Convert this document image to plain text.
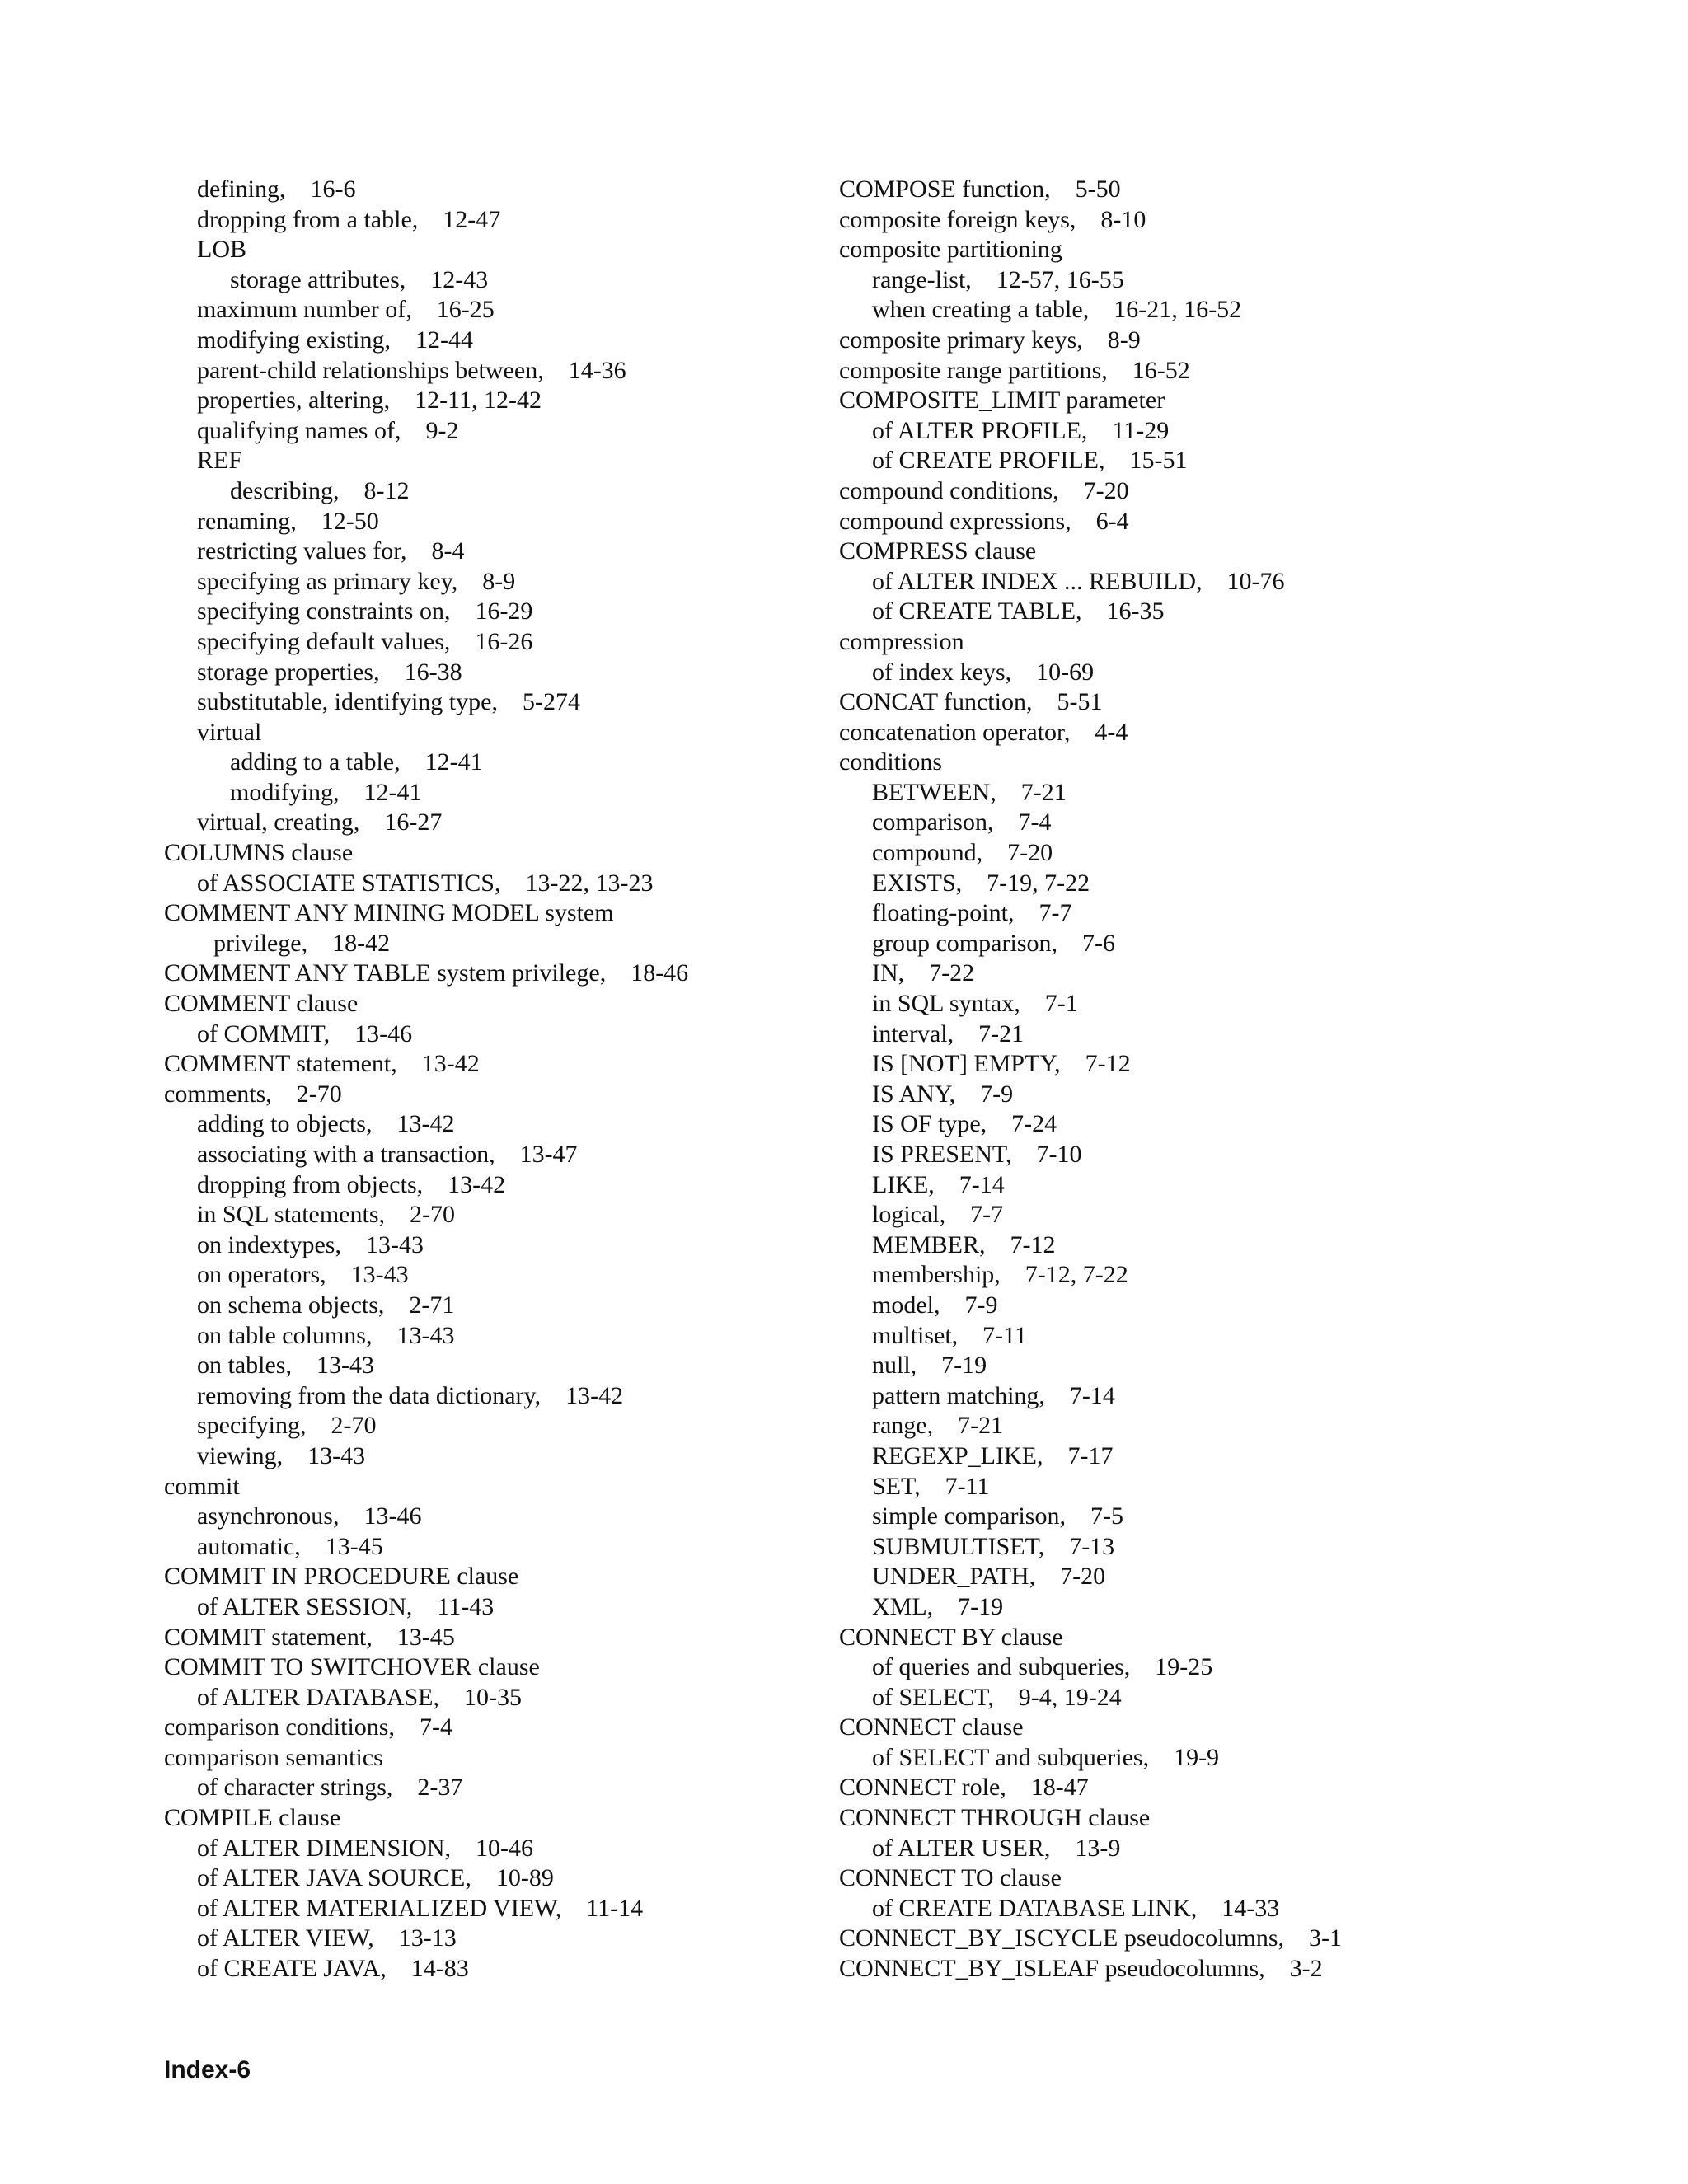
defining,    16-6
dropping from a table,    12-47
LOB
storage attributes,    12-43
maximum number of,    16-25
modifying existing,    12-44
parent-child relationships between,    14-36
properties, altering,    12-11, 12-42
qualifying names of,    9-2
REF
describing,    8-12
renaming,    12-50
restricting values for,    8-4
specifying as primary key,    8-9
specifying constraints on,    16-29
specifying default values,    16-26
storage properties,    16-38
substitutable, identifying type,    5-274
virtual
adding to a table,    12-41
modifying,    12-41
virtual, creating,    16-27
COLUMNS clause
of ASSOCIATE STATISTICS,    13-22, 13-23
COMMENT ANY MINING MODEL system
privilege,    18-42
COMMENT ANY TABLE system privilege,    18-46
COMMENT clause
of COMMIT,    13-46
COMMENT statement,    13-42
comments,    2-70
adding to objects,    13-42
associating with a transaction,    13-47
dropping from objects,    13-42
in SQL statements,    2-70
on indextypes,    13-43
on operators,    13-43
on schema objects,    2-71
on table columns,    13-43
on tables,    13-43
removing from the data dictionary,    13-42
specifying,    2-70
viewing,    13-43
commit
asynchronous,    13-46
automatic,    13-45
COMMIT IN PROCEDURE clause
of ALTER SESSION,    11-43
COMMIT statement,    13-45
COMMIT TO SWITCHOVER clause
of ALTER DATABASE,    10-35
comparison conditions,    7-4
comparison semantics
of character strings,    2-37
COMPILE clause
of ALTER DIMENSION,    10-46
of ALTER JAVA SOURCE,    10-89
of ALTER MATERIALIZED VIEW,    11-14
of ALTER VIEW,    13-13
of CREATE JAVA,    14-83
COMPOSE function,    5-50
composite foreign keys,    8-10
composite partitioning
range-list,    12-57, 16-55
when creating a table,    16-21, 16-52
composite primary keys,    8-9
composite range partitions,    16-52
COMPOSITE_LIMIT parameter
of ALTER PROFILE,    11-29
of CREATE PROFILE,    15-51
compound conditions,    7-20
compound expressions,    6-4
COMPRESS clause
of ALTER INDEX ... REBUILD,    10-76
of CREATE TABLE,    16-35
compression
of index keys,    10-69
CONCAT function,    5-51
concatenation operator,    4-4
conditions
BETWEEN,    7-21
comparison,    7-4
compound,    7-20
EXISTS,    7-19, 7-22
floating-point,    7-7
group comparison,    7-6
IN,    7-22
in SQL syntax,    7-1
interval,    7-21
IS [NOT] EMPTY,    7-12
IS ANY,    7-9
IS OF type,    7-24
IS PRESENT,    7-10
LIKE,    7-14
logical,    7-7
MEMBER,    7-12
membership,    7-12, 7-22
model,    7-9
multiset,    7-11
null,    7-19
pattern matching,    7-14
range,    7-21
REGEXP_LIKE,    7-17
SET,    7-11
simple comparison,    7-5
SUBMULTISET,    7-13
UNDER_PATH,    7-20
XML,    7-19
CONNECT BY clause
of queries and subqueries,    19-25
of SELECT,    9-4, 19-24
CONNECT clause
of SELECT and subqueries,    19-9
CONNECT role,    18-47
CONNECT THROUGH clause
of ALTER USER,    13-9
CONNECT TO clause
of CREATE DATABASE LINK,    14-33
CONNECT_BY_ISCYCLE pseudocolumns,    3-1
CONNECT_BY_ISLEAF pseudocolumns,    3-2
Index-6
